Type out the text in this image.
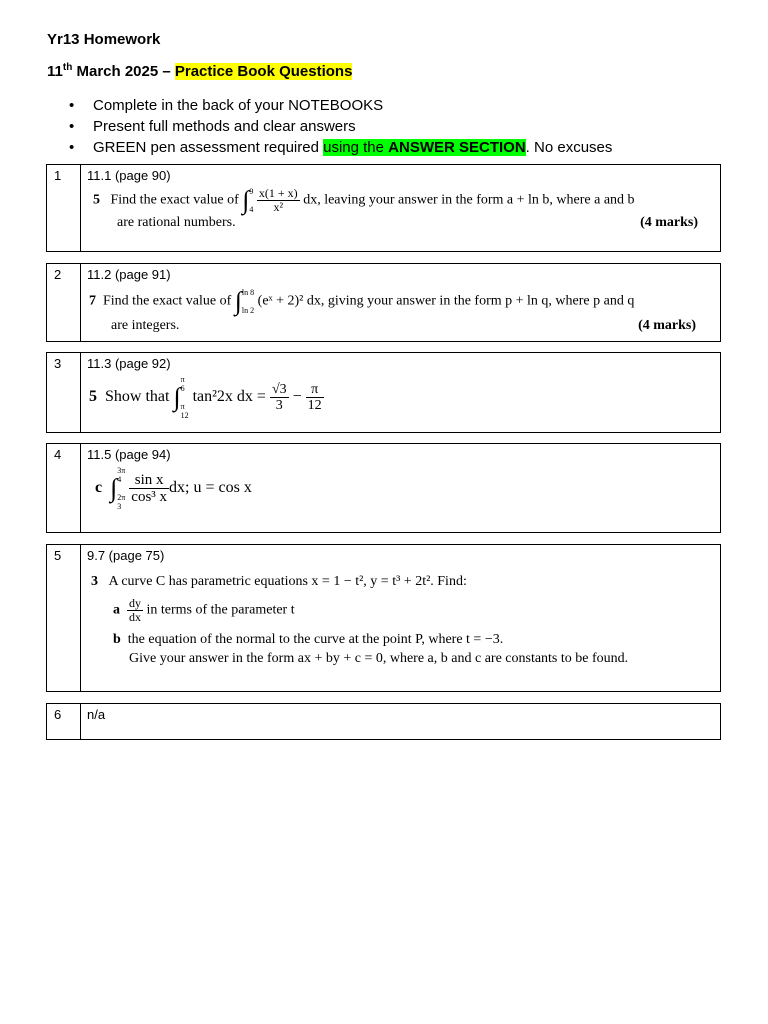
Yr13 Homework
11th March 2025 – Practice Book Questions
• Complete in the back of your NOTEBOOKS
• Present full methods and clear answers
• GREEN pen assessment required using the ANSWER SECTION. No excuses
1	11.1 (page 90)
5 Find the exact value of ∫9

$4 \frac{x(1 + x)}{\text{x²}}$ dx, leaving your answer in the form a + ln b, where a and b
are rational numbers.	(4 marks)
2	11.2 (page 91)
7 Find the exact value of ∫ln 8

ln 2 (eˣ + 2)² dx, giving your answer in the form p + ln q, where p and q
are integers.	(4 marks)
3	11.3 (page 92)
5 Show that ∫π
6

π
12 tan²2x dx = $\frac{√3}{3} - \frac{\pi}{12}$
4	11.5 (page 94)
c ∫3π
4

2π
3
$\frac{\text{sin x}}{\text{cos³ x}}$ dx; u = cos x
5	9.7 (page 75)
3 A curve C has parametric equations x = 1 − t², y = t³ + 2t². Find:
a $\frac{dy}{dx}$ in terms of the parameter t
b the equation of the normal to the curve at the point P, where t = −3.
Give your answer in the form ax + by + c = 0, where a, b and c are constants to be found.
6	n/a
